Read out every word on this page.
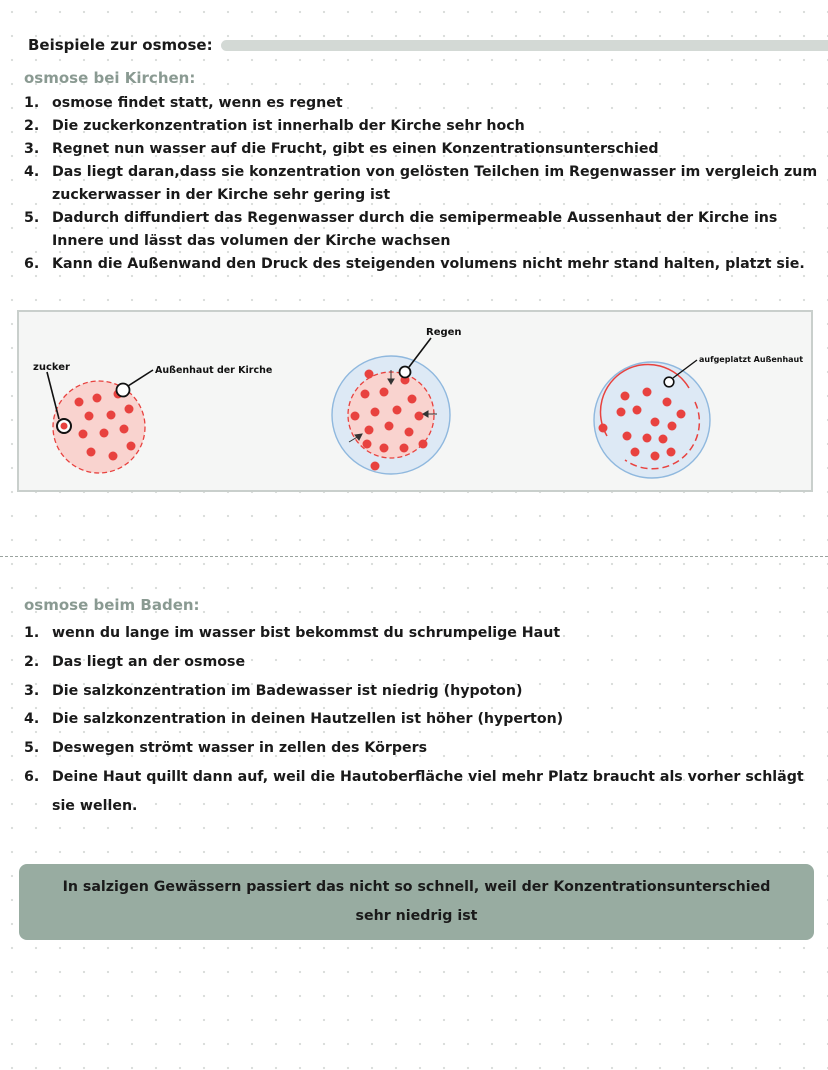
Beispiele zur osmose:
osmose bei Kirchen:
1. osmose findet statt, wenn es regnet
2. Die zuckerkonzentration ist innerhalb der Kirche sehr hoch
3. Regnet nun wasser auf die Frucht, gibt es einen Konzentrationsunterschied
4. Das liegt daran,dass sie konzentration von gelösten Teilchen im Regenwasser im vergleich zum zuckerwasser in der Kirche sehr gering ist
5. Dadurch diffundiert das Regenwasser durch die semipermeable Aussenhaut der Kirche ins Innere und lässt das volumen der Kirche wachsen
6. Kann die Außenwand den Druck des steigenden volumens nicht mehr stand halten, platzt sie.
zucker	Außenhaut der Kirche
Regen
aufgeplatzt Außenhaut
osmose beim Baden:
1. wenn du lange im wasser bist bekommst du schrumpelige Haut
2. Das liegt an der osmose
3. Die salzkonzentration im Badewasser ist niedrig (hypoton)
4. Die salzkonzentration in deinen Hautzellen ist höher (hyperton)
5. Deswegen strömt wasser in zellen des Körpers
6. Deine Haut quillt dann auf, weil die Hautoberfläche viel mehr Platz braucht als vorher schlägt sie wellen.
In salzigen Gewässern passiert das nicht so schnell, weil der Konzentrationsunterschied sehr niedrig ist
